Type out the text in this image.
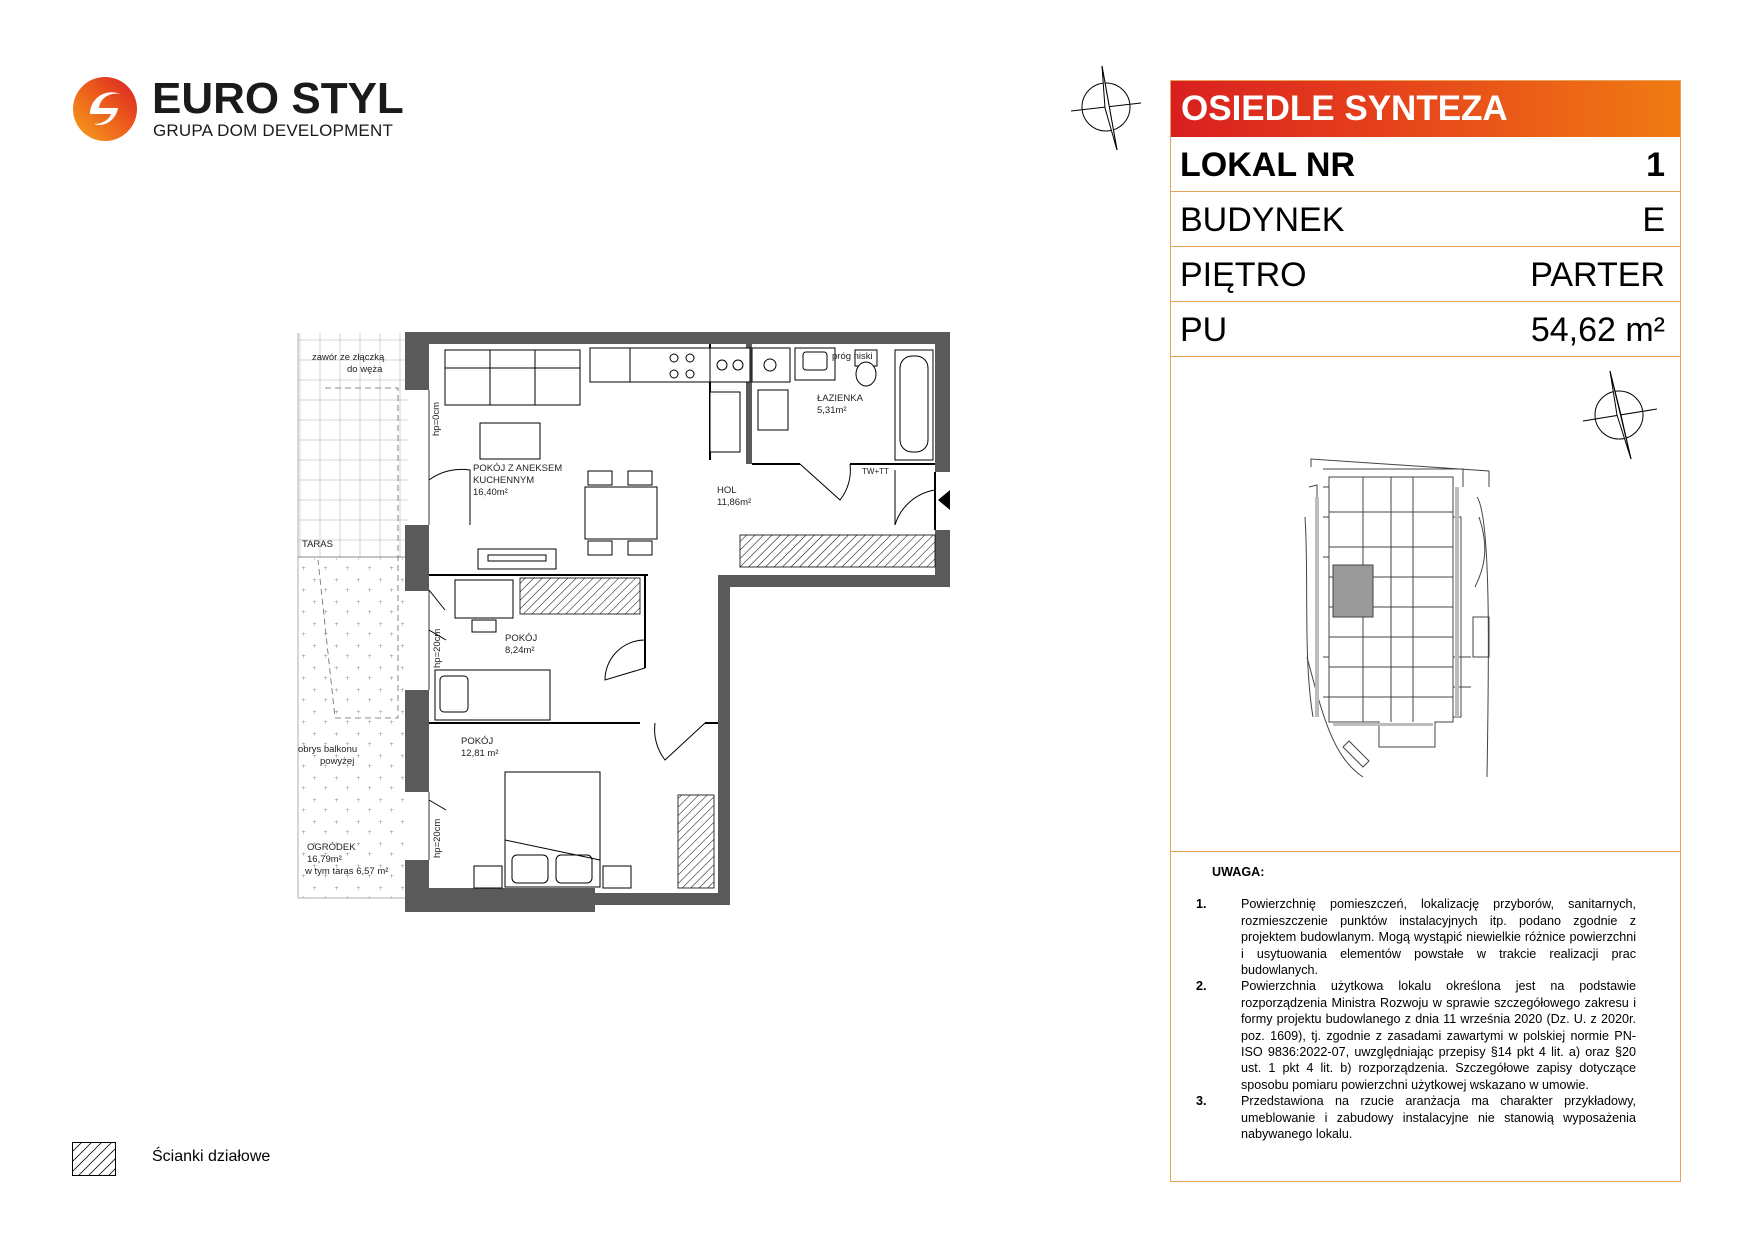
EURO STYL
GRUPA DOM DEVELOPMENT
OSIEDLE SYNTEZA
LOKAL NR	1
BUDYNEK	E
PIĘTRO	PARTER
PU	54,62 m²
UWAGA:
1.	Powierzchnię pomieszczeń, lokalizację przyborów, sanitarnych, rozmieszczenie punktów instalacyjnych itp. podano zgodnie z projektem budowlanym. Mogą wystąpić niewielkie różnice powierzchni i usytuowania elementów powstałe w trakcie realizacji prac budowlanych.
2.	Powierzchnia użytkowa lokalu określona jest na podstawie rozporządzenia Ministra Rozwoju w sprawie szczegółowego zakresu i formy projektu budowlanego z dnia 11 września 2020 (Dz. U. z 2020r. poz. 1609), tj. zgodnie z zasadami zawartymi w polskiej normie PN-ISO 9836:2022-07, uwzględniając przepisy §14 pkt 4 lit. a) oraz §20 ust. 1 pkt 4 lit. b) rozporządzenia. Szczegółowe zapisy dotyczące sposobu pomiaru powierzchni użytkowej wskazano w umowie.
3.	Przedstawiona na rzucie aranżacja ma charakter przykładowy, umeblowanie i zabudowy instalacyjne nie stanowią wyposażenia nabywanego lokalu.
Ścianki działowe
zawór ze złączką
do węża
hp=0cm
POKÓJ Z ANEKSEM
KUCHENNYM
16,40m²	HOL
11,86m²
ŁAZIENKA
5,31m²
próg niski
TW+TT
TARAS
POKÓJ
8,24m²
hp=20cm
obrys balkonu
powyżej
POKÓJ
12,81 m²
hp=20cm
OGRÓDEK
16,79m²
w tym taras 6,57 m²
